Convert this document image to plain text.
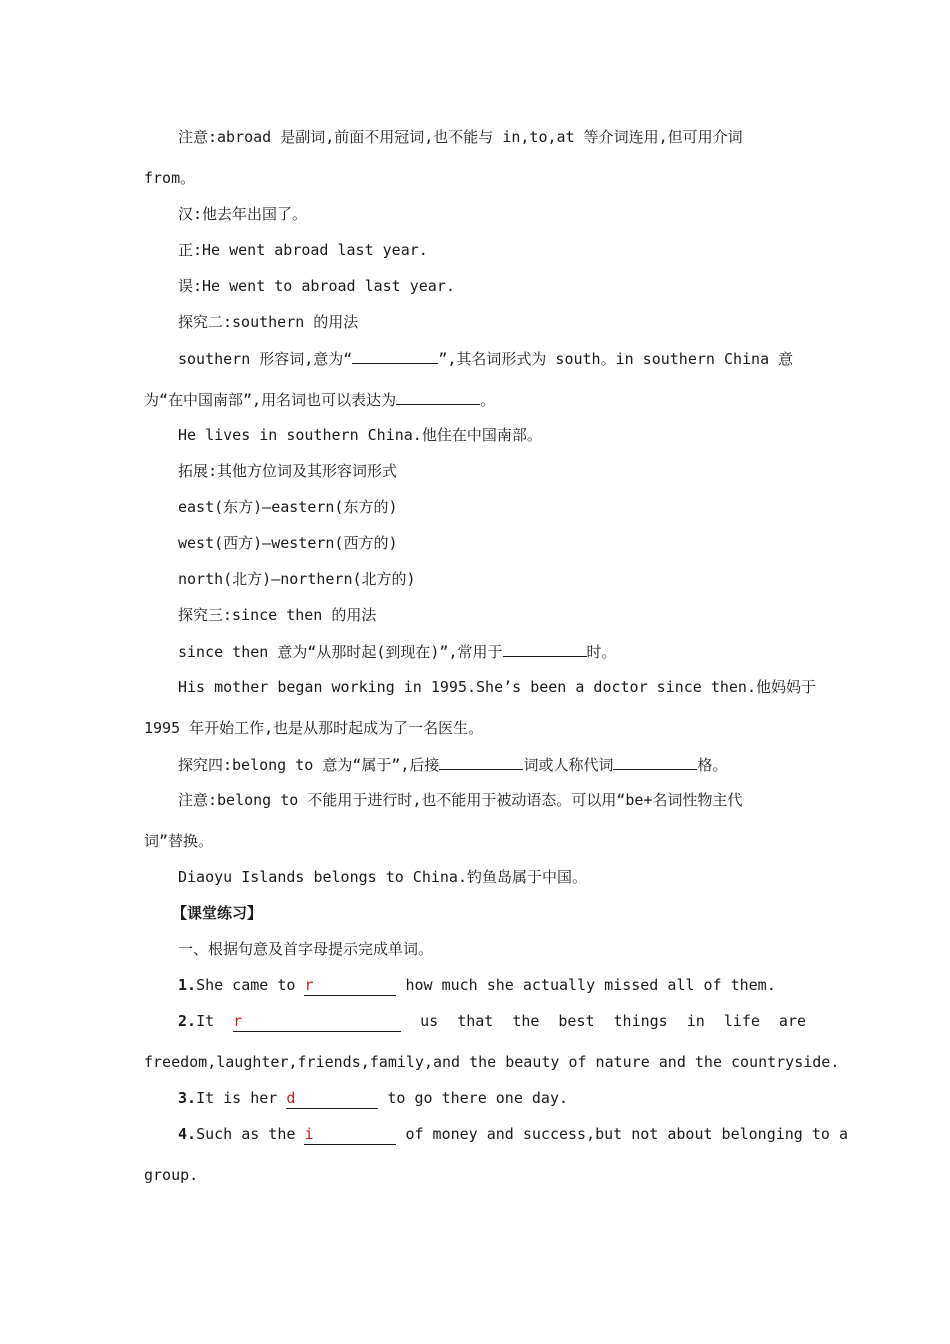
注意:abroad 是副词,前面不用冠词,也不能与 in,to,at 等介词连用,但可用介词
from。
汉:他去年出国了。
正:He went abroad last year.
误:He went to abroad last year.
探究二:southern 的用法
southern 形容词,意为“	”,其名词形式为 south。in southern China 意
为“在中国南部”,用名词也可以表达为	。
He lives in southern China.他住在中国南部。
拓展:其他方位词及其形容词形式
east(东方)—eastern(东方的)
west(西方)—western(西方的)
north(北方)—northern(北方的)
探究三:since then 的用法
since then 意为“从那时起(到现在)”,常用于	时。
His mother began working in 1995.She’s been a doctor since then.他妈妈于
1995 年开始工作,也是从那时起成为了一名医生。
探究四:belong to 意为“属于”,后接	词或人称代词	格。
注意:belong to 不能用于进行时,也不能用于被动语态。可以用“be+名词性物主代
词”替换。
Diaoyu Islands belongs to China.钓鱼岛属于中国。
【课堂练习】
一、根据句意及首字母提示完成单词。
1.She came to r	how much she actually missed all of them.
2.It r	us that the best things in life are
freedom,laughter,friends,family,and the beauty of nature and the countryside.
3.It is her d	to go there one day.
4.Such as the i	of money and success,but not about belonging to a
group.
